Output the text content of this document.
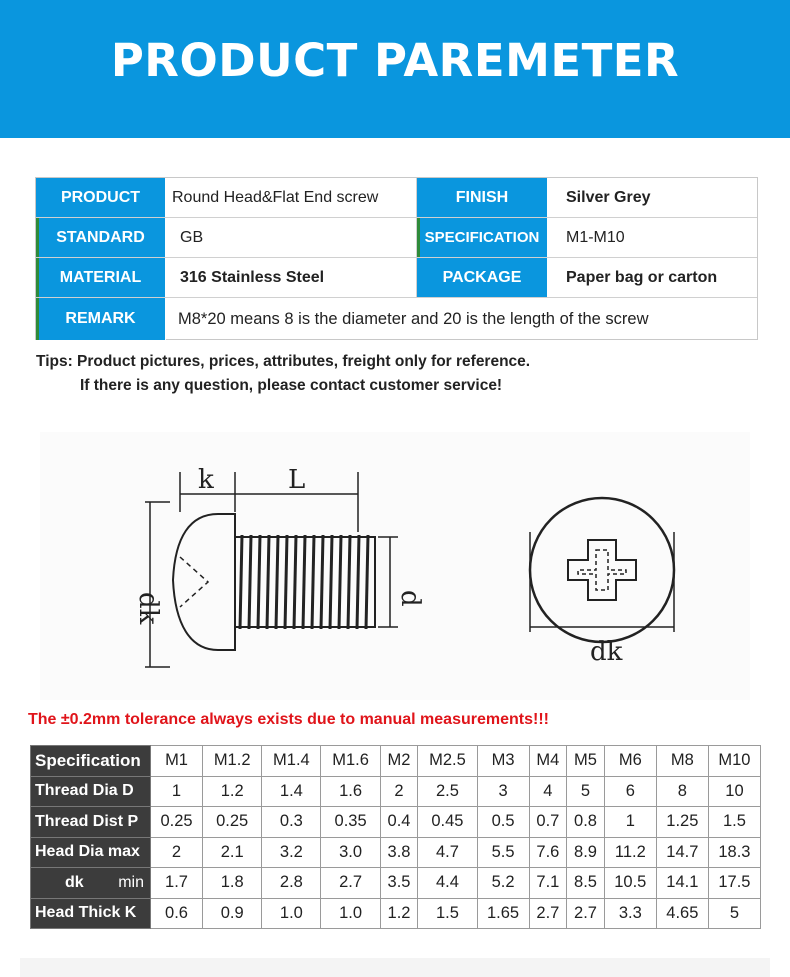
PRODUCT PAREMETER
PRODUCT	Round Head&Flat End screw	FINISH	Silver Grey
STANDARD	GB	SPECIFICATION	M1-M10
MATERIAL	316 Stainless Steel	PACKAGE	Paper bag or carton
REMARK	M8*20 means 8 is the diameter and 20 is the length of the screw
Tips: Product pictures, prices, attributes, freight only for reference.
If there is any question, please contact customer service!
k	L
dk	d
dk
The ±0.2mm tolerance always exists due to manual measurements!!!
Specification	M1	M1.2	M1.4	M1.6	M2	M2.5	M3	M4	M5	M6	M8	M10
Thread Dia D	1	1.2	1.4	1.6	2	2.5	3	4	5	6	8	10
Thread Dist P	0.25	0.25	0.3	0.35	0.4	0.45	0.5	0.7	0.8	1	1.25	1.5
Head Dia max	2	2.1	3.2	3.0	3.8	4.7	5.5	7.6	8.9	11.2	14.7	18.3
dk min	1.7	1.8	2.8	2.7	3.5	4.4	5.2	7.1	8.5	10.5	14.1	17.5
Head Thick K	0.6	0.9	1.0	1.0	1.2	1.5	1.65	2.7	2.7	3.3	4.65	5
